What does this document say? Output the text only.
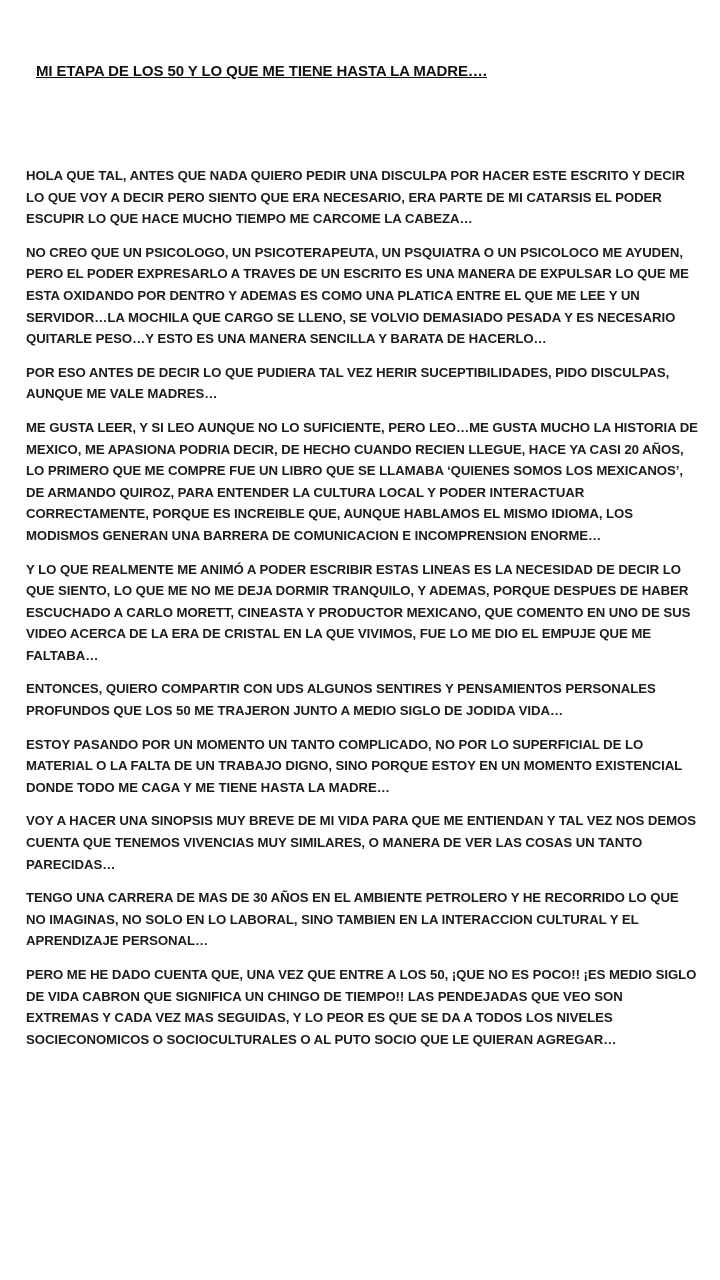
MI ETAPA DE LOS 50 Y LO QUE ME TIENE HASTA LA MADRE….

HOLA QUE TAL, ANTES QUE NADA QUIERO PEDIR UNA DISCULPA POR HACER ESTE ESCRITO Y DECIR LO QUE VOY A DECIR PERO SIENTO QUE ERA NECESARIO, ERA PARTE DE MI CATARSIS EL PODER ESCUPIR LO QUE HACE MUCHO TIEMPO ME CARCOME LA CABEZA…

NO CREO QUE UN PSICOLOGO, UN PSICOTERAPEUTA, UN PSQUIATRA O UN PSICOLOCO ME AYUDEN, PERO EL PODER EXPRESARLO A TRAVES DE UN ESCRITO ES UNA MANERA DE EXPULSAR LO QUE ME ESTA OXIDANDO POR DENTRO Y ADEMAS ES COMO UNA PLATICA ENTRE EL QUE ME LEE Y UN SERVIDOR…LA MOCHILA QUE CARGO SE LLENO, SE VOLVIO DEMASIADO PESADA Y ES NECESARIO QUITARLE PESO…Y ESTO ES UNA MANERA SENCILLA Y BARATA DE HACERLO…

POR ESO ANTES DE DECIR LO QUE PUDIERA TAL VEZ HERIR SUCEPTIBILIDADES, PIDO DISCULPAS, AUNQUE ME VALE MADRES…

ME GUSTA LEER, Y SI LEO AUNQUE NO LO SUFICIENTE, PERO LEO…ME GUSTA MUCHO LA HISTORIA DE MEXICO, ME APASIONA PODRIA DECIR, DE HECHO CUANDO RECIEN LLEGUE, HACE YA CASI 20 AÑOS, LO PRIMERO QUE ME COMPRE FUE UN LIBRO QUE SE LLAMABA ‘QUIENES SOMOS LOS MEXICANOS’, DE ARMANDO QUIROZ, PARA ENTENDER LA CULTURA LOCAL Y PODER INTERACTUAR CORRECTAMENTE, PORQUE ES INCREIBLE QUE, AUNQUE HABLAMOS EL MISMO IDIOMA, LOS MODISMOS GENERAN UNA BARRERA DE COMUNICACION E INCOMPRENSION ENORME…

Y LO QUE REALMENTE ME ANIMÓ A PODER ESCRIBIR ESTAS LINEAS ES LA NECESIDAD DE DECIR LO QUE SIENTO, LO QUE ME NO ME DEJA DORMIR TRANQUILO, Y ADEMAS, PORQUE DESPUES DE HABER ESCUCHADO A CARLO MORETT, CINEASTA Y PRODUCTOR MEXICANO, QUE COMENTO EN UNO DE SUS VIDEO ACERCA DE LA ERA DE CRISTAL EN LA QUE VIVIMOS, FUE LO ME DIO EL EMPUJE QUE ME FALTABA…

ENTONCES, QUIERO COMPARTIR CON UDS ALGUNOS SENTIRES Y PENSAMIENTOS PERSONALES PROFUNDOS QUE LOS 50 ME TRAJERON JUNTO A MEDIO SIGLO DE JODIDA VIDA…

ESTOY PASANDO POR UN MOMENTO UN TANTO COMPLICADO, NO POR LO SUPERFICIAL DE LO MATERIAL O LA FALTA DE UN TRABAJO DIGNO, SINO PORQUE ESTOY EN UN MOMENTO EXISTENCIAL DONDE TODO ME CAGA Y ME TIENE HASTA LA MADRE…

VOY A HACER UNA SINOPSIS MUY BREVE DE MI VIDA PARA QUE ME ENTIENDAN Y TAL VEZ NOS DEMOS CUENTA QUE TENEMOS VIVENCIAS MUY SIMILARES, O MANERA DE VER LAS COSAS UN TANTO PARECIDAS…

TENGO UNA CARRERA DE MAS DE 30 AÑOS EN EL AMBIENTE PETROLERO Y HE RECORRIDO LO QUE NO IMAGINAS, NO SOLO EN LO LABORAL, SINO TAMBIEN EN LA INTERACCION CULTURAL Y EL APRENDIZAJE PERSONAL…

PERO ME HE DADO CUENTA QUE, UNA VEZ QUE ENTRE A LOS 50, ¡QUE NO ES POCO!! ¡ES MEDIO SIGLO DE VIDA CABRON QUE SIGNIFICA UN CHINGO DE TIEMPO!! LAS PENDEJADAS QUE VEO SON EXTREMAS Y CADA VEZ MAS SEGUIDAS, Y LO PEOR ES QUE SE DA A TODOS LOS NIVELES SOCIECONOMICOS O SOCIOCULTURALES O AL PUTO SOCIO QUE LE QUIERAN AGREGAR…
